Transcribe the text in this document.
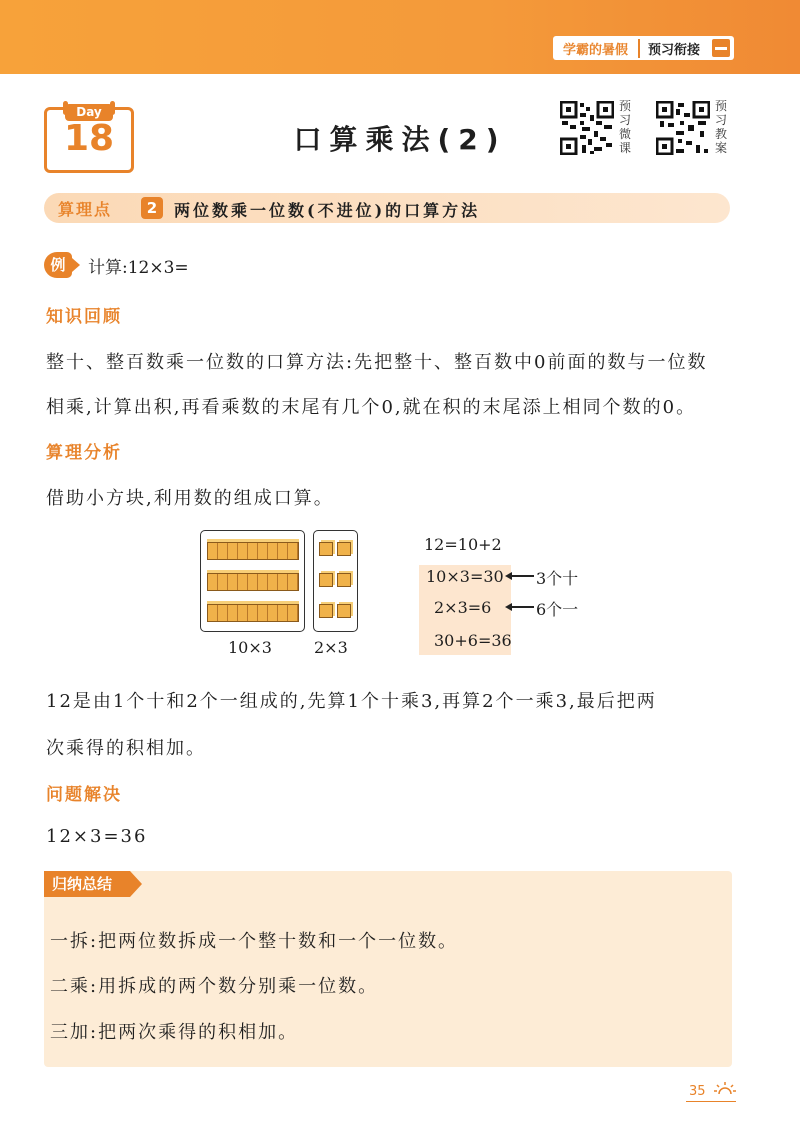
学霸的暑假	预习衔接
Day
18	口算乘法(2)
预
习
微
课
预
习
教
案
算理点	2	两位数乘一位数(不进位)的口算方法
例	计算:12×3=
知识回顾
整十、整百数乘一位数的口算方法:先把整十、整百数中0前面的数与一位数
相乘,计算出积,再看乘数的末尾有几个0,就在积的末尾添上相同个数的0。
算理分析
借助小方块,利用数的组成口算。
10×3	2×3
12=10+2
10×3=30
2×3=6
30+6=36
3个十
6个一
12是由1个十和2个一组成的,先算1个十乘3,再算2个一乘3,最后把两
次乘得的积相加。
问题解决
12×3=36
归纳总结
一拆:把两位数拆成一个整十数和一个一位数。
二乘:用拆成的两个数分别乘一位数。
三加:把两次乘得的积相加。
35
